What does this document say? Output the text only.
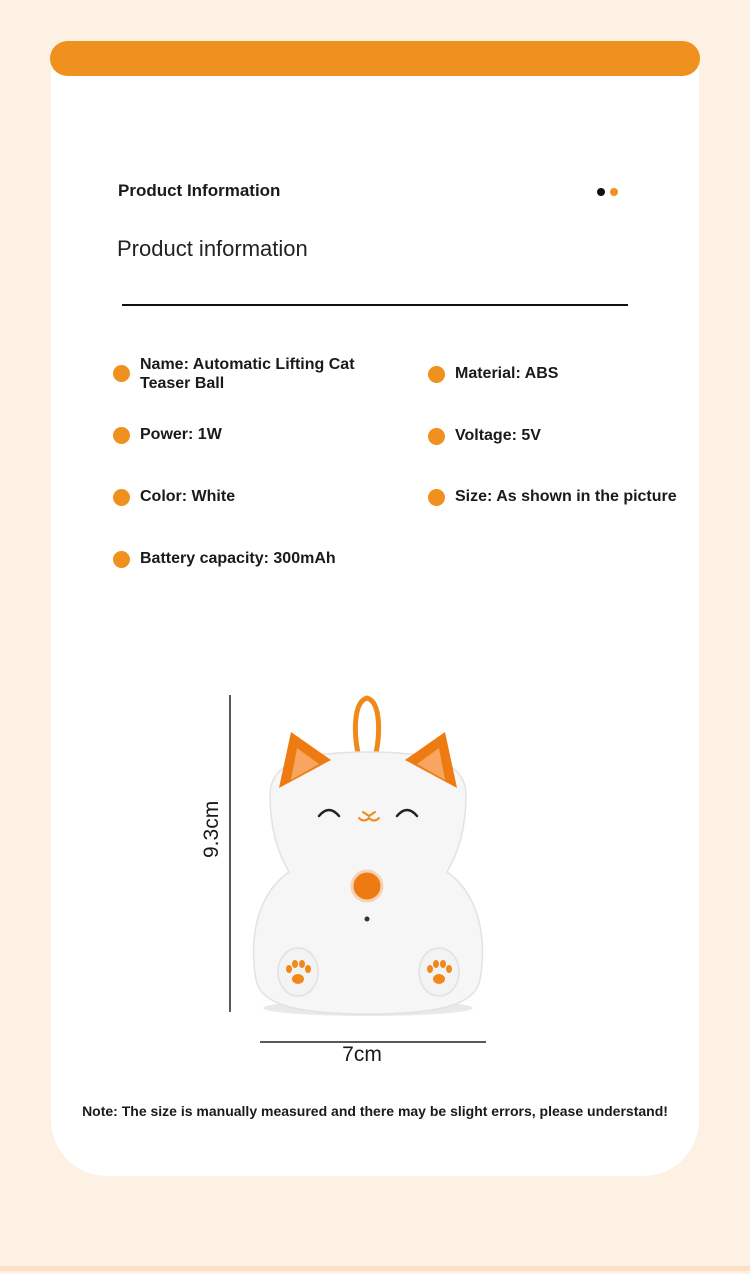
Product Information
Product information
Name: Automatic Lifting Cat
Teaser Ball
Material: ABS
Power: 1W	Voltage: 5V
Color: White	Size: As shown in the picture
Battery capacity: 300mAh
9.3cm
7cm
Note: The size is manually measured and there may be slight errors, please understand!
